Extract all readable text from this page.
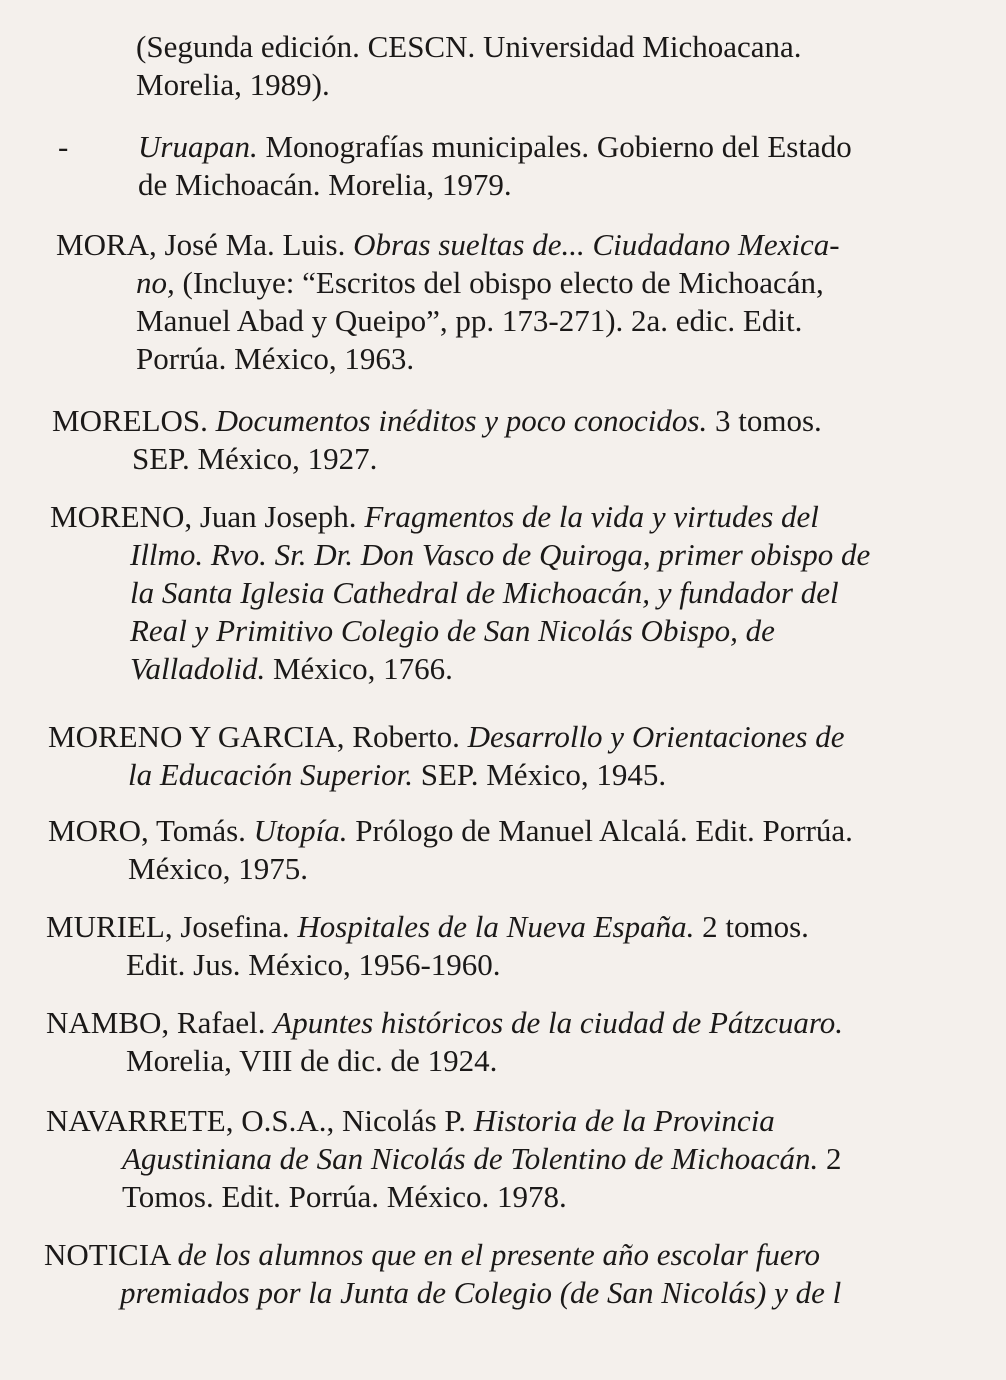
(Segunda edición. CESCN. Universidad Michoacana.
Morelia, 1989).
- Uruapan. Monografías municipales. Gobierno del Estado
de Michoacán. Morelia, 1979.
MORA, José Ma. Luis. Obras sueltas de... Ciudadano Mexica-
no, (Incluye: “Escritos del obispo electo de Michoacán,
Manuel Abad y Queipo”, pp. 173-271). 2a. edic. Edit.
Porrúa. México, 1963.
MORELOS. Documentos inéditos y poco conocidos. 3 tomos.
SEP. México, 1927.
MORENO, Juan Joseph. Fragmentos de la vida y virtudes del
Illmo. Rvo. Sr. Dr. Don Vasco de Quiroga, primer obispo de
la Santa Iglesia Cathedral de Michoacán, y fundador del
Real y Primitivo Colegio de San Nicolás Obispo, de
Valladolid. México, 1766.
MORENO Y GARCIA, Roberto. Desarrollo y Orientaciones de
la Educación Superior. SEP. México, 1945.
MORO, Tomás. Utopía. Prólogo de Manuel Alcalá. Edit. Porrúa.
México, 1975.
MURIEL, Josefina. Hospitales de la Nueva España. 2 tomos.
Edit. Jus. México, 1956-1960.
NAMBO, Rafael. Apuntes históricos de la ciudad de Pátzcuaro.
Morelia, VIII de dic. de 1924.
NAVARRETE, O.S.A., Nicolás P. Historia de la Provincia
Agustiniana de San Nicolás de Tolentino de Michoacán. 2
Tomos. Edit. Porrúa. México. 1978.
NOTICIA de los alumnos que en el presente año escolar fuero
premiados por la Junta de Colegio (de San Nicolás) y de l
